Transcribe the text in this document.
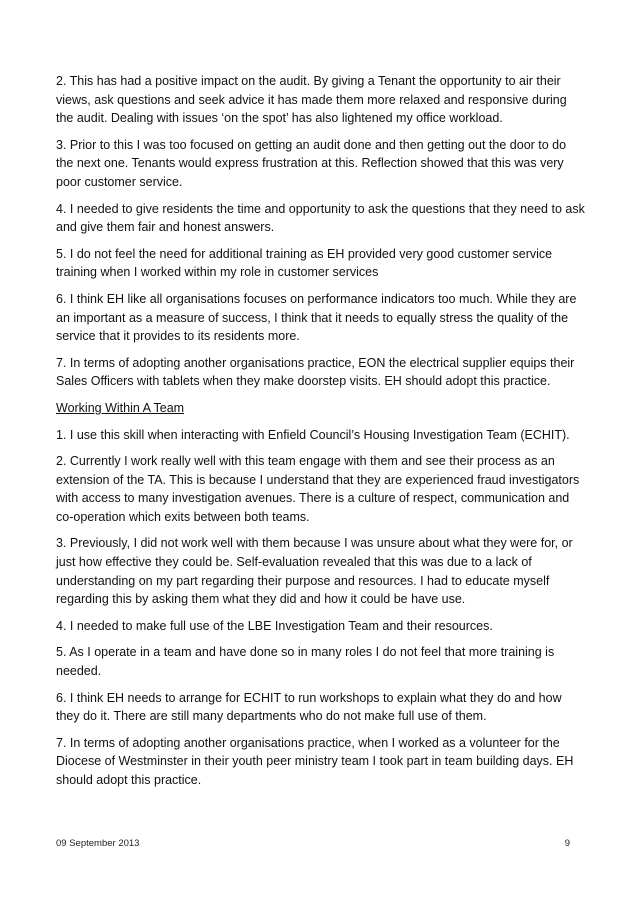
2. This has had a positive impact on the audit. By giving a Tenant the opportunity to air their views, ask questions and seek advice it has made them more relaxed and responsive during the audit. Dealing with issues ‘on the spot’ has also lightened my office workload.

3. Prior to this I was too focused on getting an audit done and then getting out the door to do the next one. Tenants would express frustration at this. Reflection showed that this was very poor customer service.

4. I needed to give residents the time and opportunity to ask the questions that they need to ask and give them fair and honest answers.

5. I do not feel the need for additional training as EH provided very good customer service training when I worked within my role in customer services

6. I think EH like all organisations focuses on performance indicators too much. While they are an important as a measure of success, I think that it needs to equally stress the quality of the service that it provides to its residents more.

7. In terms of adopting another organisations practice, EON the electrical supplier equips their Sales Officers with tablets when they make doorstep visits. EH should adopt this practice.

Working Within A Team

1. I use this skill when interacting with Enfield Council’s Housing Investigation Team (ECHIT).

2. Currently I work really well with this team engage with them and see their process as an extension of the TA. This is because I understand that they are experienced fraud investigators with access to many investigation avenues. There is a culture of respect, communication and co-operation which exits between both teams.

3. Previously, I did not work well with them because I was unsure about what they were for, or just how effective they could be. Self-evaluation revealed that this was due to a lack of understanding on my part regarding their purpose and resources. I had to educate myself regarding this by asking them what they did and how it could be have use.

4. I needed to make full use of the LBE Investigation Team and their resources.

5. As I operate in a team and have done so in many roles I do not feel that more training is needed.

6. I think EH needs to arrange for ECHIT to run workshops to explain what they do and how they do it. There are still many departments who do not make full use of them.

7. In terms of adopting another organisations practice, when I worked as a volunteer for the Diocese of Westminster in their youth peer ministry team I took part in team building days. EH should adopt this practice.

09 September 2013	9
